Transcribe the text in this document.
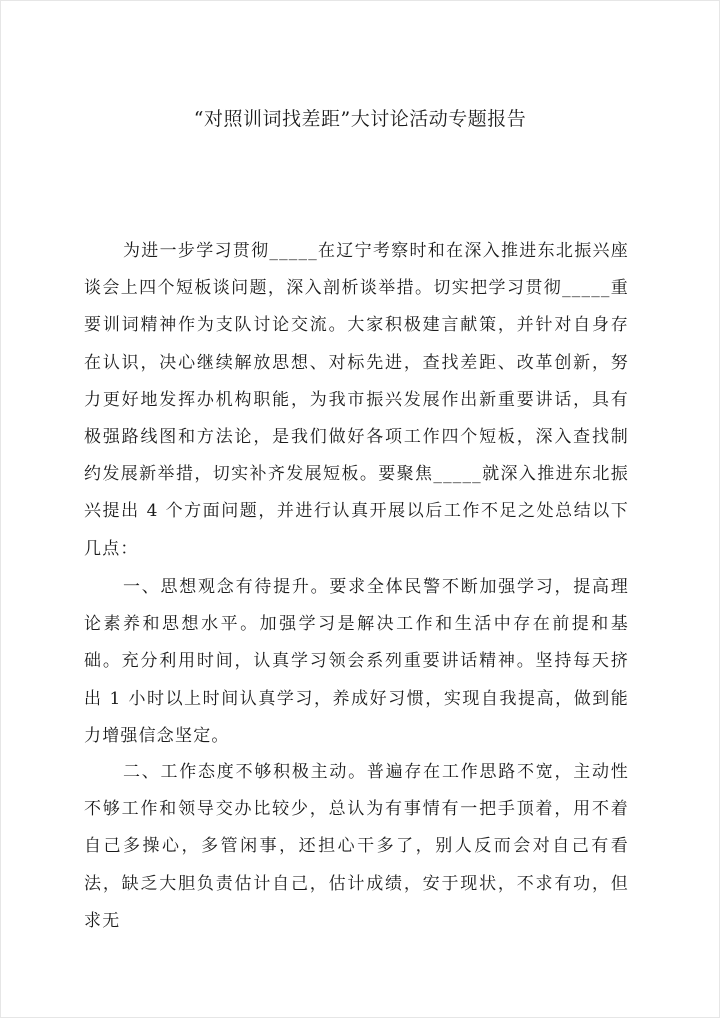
“对照训词找差距”大讨论活动专题报告

为进一步学习贯彻_____在辽宁考察时和在深入推进东北振兴座谈会上四个短板谈问题，深入剖析谈举措。切实把学习贯彻_____重要训词精神作为支队讨论交流。大家积极建言献策，并针对自身存在认识，决心继续解放思想、对标先进，查找差距、改革创新，努力更好地发挥办机构职能，为我市振兴发展作出新重要讲话，具有极强路线图和方法论，是我们做好各项工作四个短板，深入查找制约发展新举措，切实补齐发展短板。要聚焦_____就深入推进东北振兴提出 4 个方面问题，并进行认真开展以后工作不足之处总结以下几点：

一、思想观念有待提升。要求全体民警不断加强学习，提高理论素养和思想水平。加强学习是解决工作和生活中存在前提和基础。充分利用时间，认真学习领会系列重要讲话精神。坚持每天挤出 1 小时以上时间认真学习，养成好习惯，实现自我提高，做到能力增强信念坚定。

二、工作态度不够积极主动。普遍存在工作思路不宽，主动性不够工作和领导交办比较少，总认为有事情有一把手顶着，用不着自己多操心，多管闲事，还担心干多了，别人反而会对自己有看法，缺乏大胆负责估计自己，估计成绩，安于现状，不求有功，但求无
